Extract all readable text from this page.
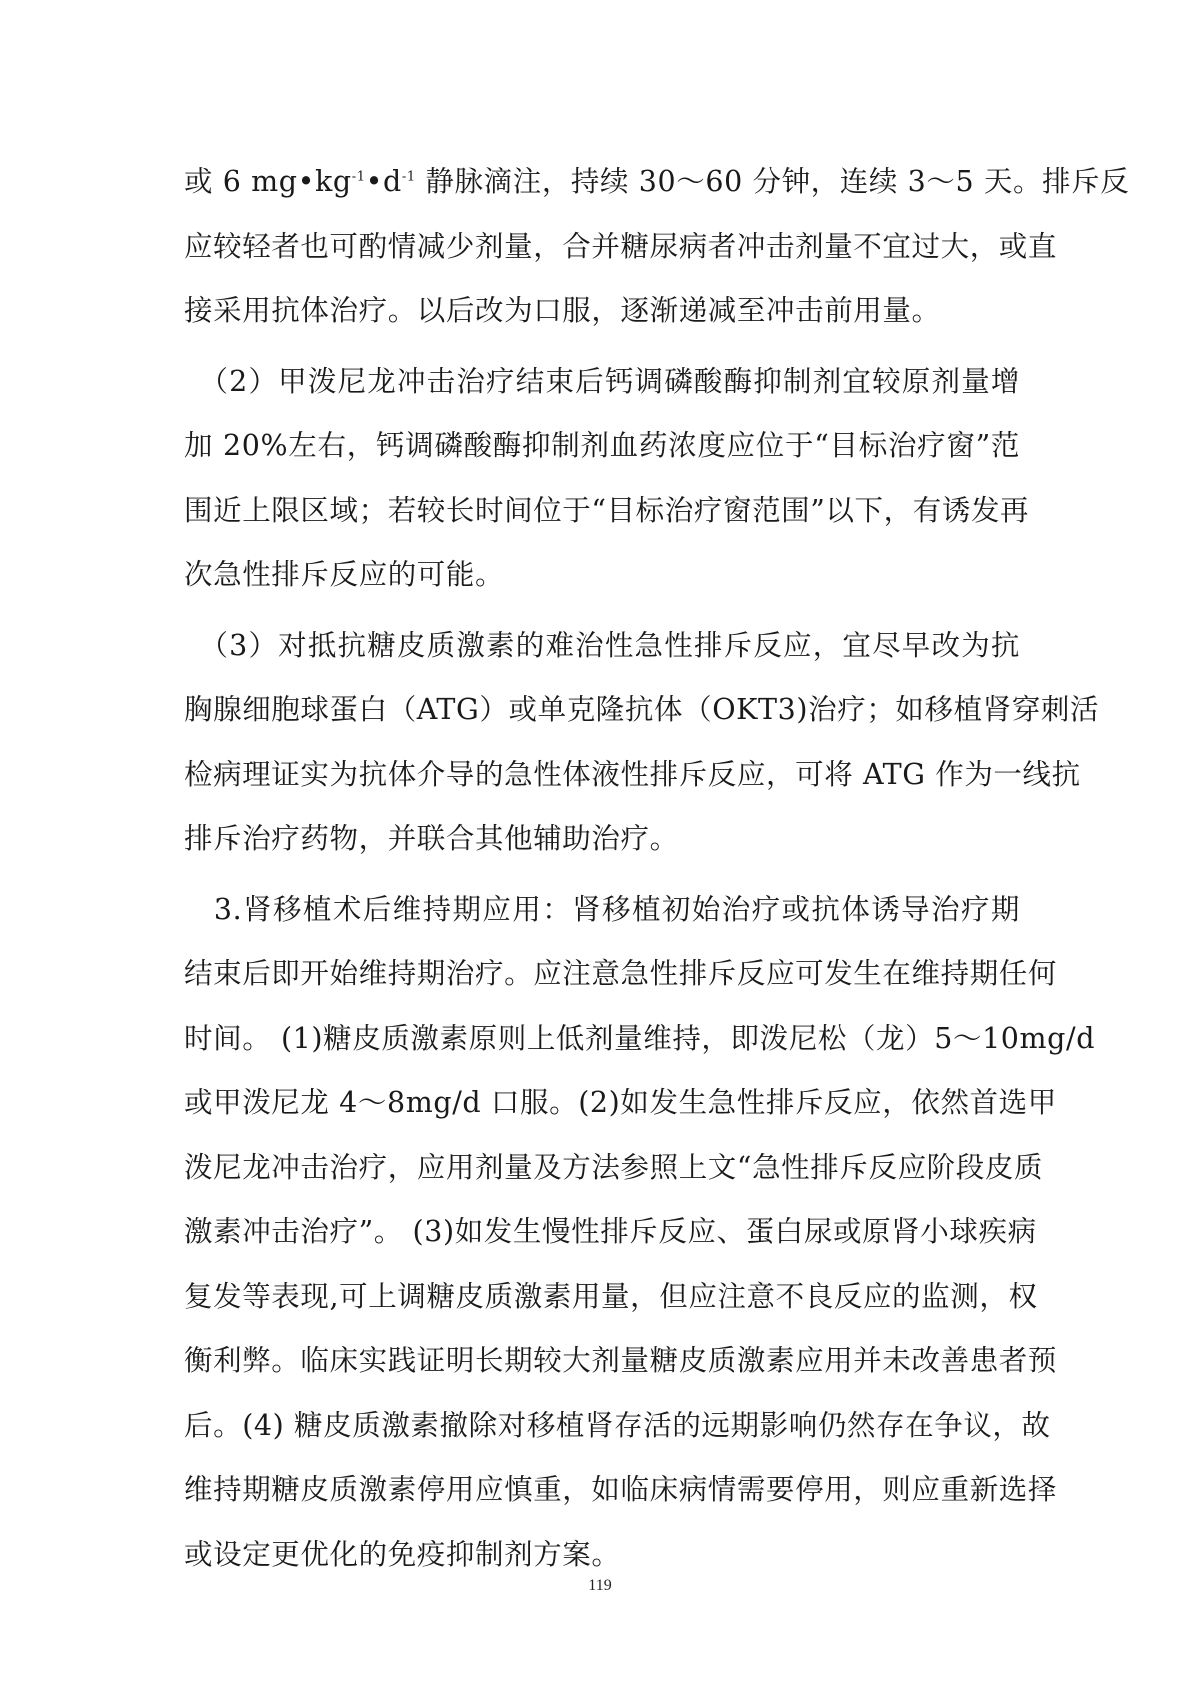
或 6 $mg•kg^{-1}•d^{-1}$ 静脉滴注，持续 30～60 分钟，连续 3～5 天。排斥反
应较轻者也可酌情减少剂量，合并糖尿病者冲击剂量不宜过大，或直
接采用抗体治疗。以后改为口服，逐渐递减至冲击前用量。
　（2）甲泼尼龙冲击治疗结束后钙调磷酸酶抑制剂宜较原剂量增
加 20%左右，钙调磷酸酶抑制剂血药浓度应位于“目标治疗窗”范
围近上限区域；若较长时间位于“目标治疗窗范围”以下，有诱发再
次急性排斥反应的可能。
　（3）对抵抗糖皮质激素的难治性急性排斥反应，宜尽早改为抗
胸腺细胞球蛋白（ATG）或单克隆抗体（OKT3)治疗；如移植肾穿刺活
检病理证实为抗体介导的急性体液性排斥反应，可将 ATG 作为一线抗
排斥治疗药物，并联合其他辅助治疗。
　3.肾移植术后维持期应用：肾移植初始治疗或抗体诱导治疗期
结束后即开始维持期治疗。应注意急性排斥反应可发生在维持期任何
时间。 (1)糖皮质激素原则上低剂量维持，即泼尼松（龙）5～10mg/d
或甲泼尼龙 4～8mg/d 口服。(2)如发生急性排斥反应，依然首选甲
泼尼龙冲击治疗，应用剂量及方法参照上文“急性排斥反应阶段皮质
激素冲击治疗”。 (3)如发生慢性排斥反应、蛋白尿或原肾小球疾病
复发等表现,可上调糖皮质激素用量，但应注意不良反应的监测，权
衡利弊。临床实践证明长期较大剂量糖皮质激素应用并未改善患者预
后。(4) 糖皮质激素撤除对移植肾存活的远期影响仍然存在争议，故
维持期糖皮质激素停用应慎重，如临床病情需要停用，则应重新选择
或设定更优化的免疫抑制剂方案。
119
